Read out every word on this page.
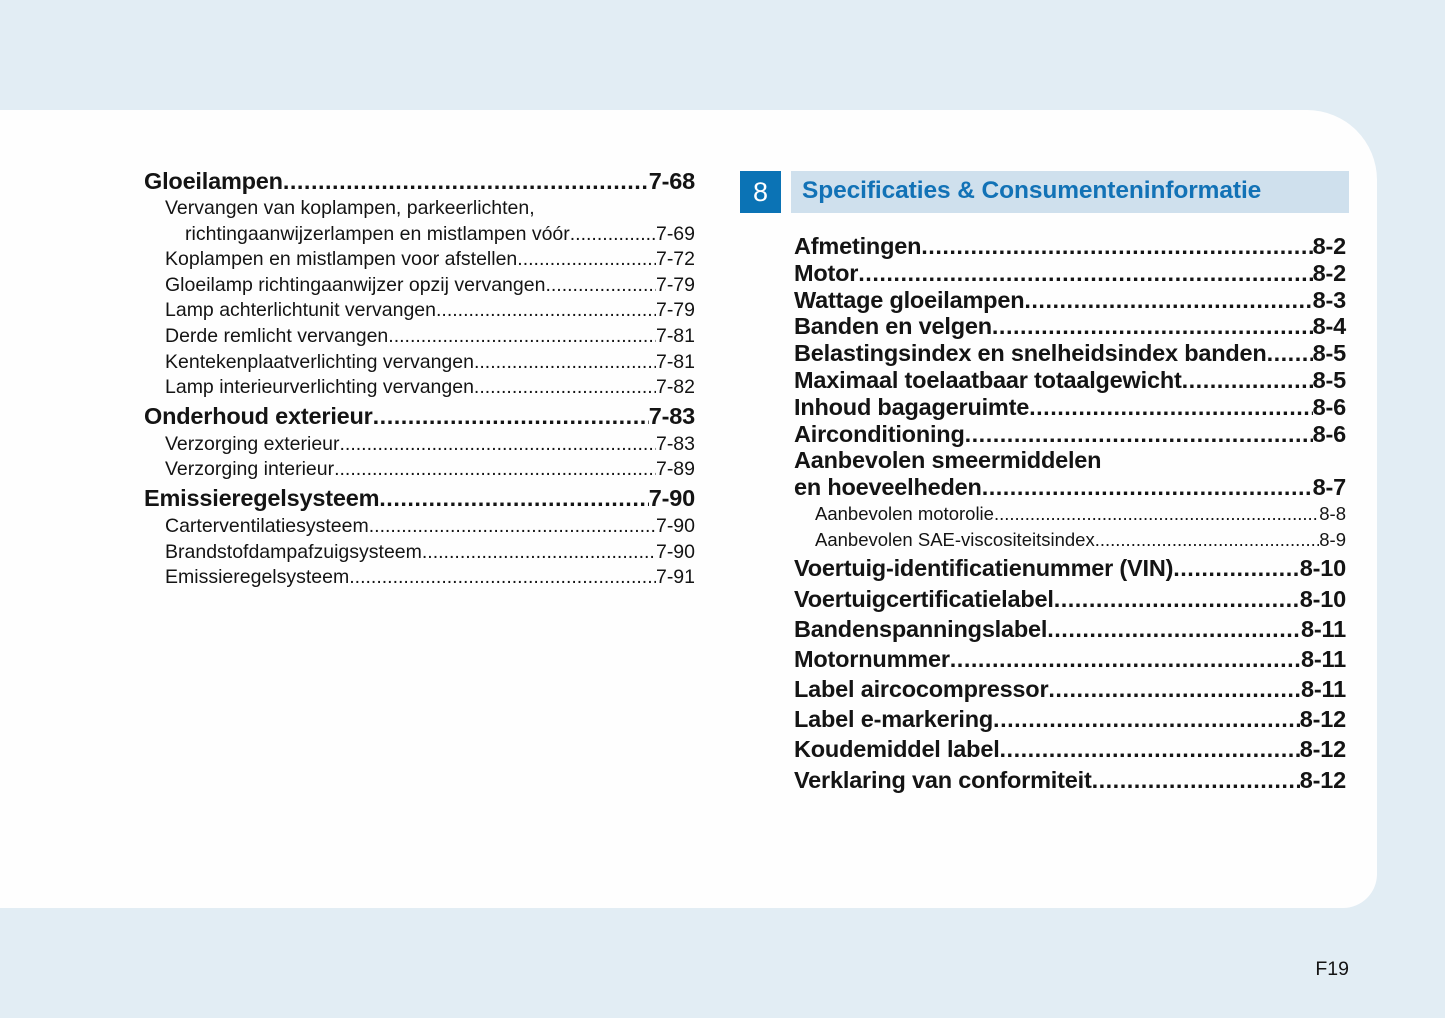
Gloeilampen .....	7-68
Vervangen van koplampen, parkeerlichten,
richtingaanwijzerlampen en mistlampen vóór .....	7-69
Koplampen en mistlampen voor afstellen .....	7-72
Gloeilamp richtingaanwijzer opzij vervangen .....	7-79
Lamp achterlichtunit vervangen .....	7-79
Derde remlicht vervangen .....	7-81
Kentekenplaatverlichting vervangen .....	7-81
Lamp interieurverlichting vervangen .....	7-82
Onderhoud exterieur .....	7-83
Verzorging exterieur .....	7-83
Verzorging interieur .....	7-89
Emissieregelsysteem .....	7-90
Carterventilatiesysteem .....	7-90
Brandstofdampafzuigsysteem .....	7-90
Emissieregelsysteem .....	7-91
8	Specificaties & Consumenteninformatie
Afmetingen .....	8-2
Motor .....	8-2
Wattage gloeilampen .....	8-3
Banden en velgen .....	8-4
Belastingsindex en snelheidsindex banden ..... 8-5
Maximaal toelaatbaar totaalgewicht .....	8-5
Inhoud bagageruimte .....	8-6
Airconditioning .....	8-6
Aanbevolen smeermiddelen
en hoeveelheden .....	8-7
Aanbevolen motorolie .....	8-8
Aanbevolen SAE-viscositeitsindex .....	8-9
Voertuig-identificatienummer (VIN) .....	8-10
Voertuigcertificatielabel .....	8-10
Bandenspanningslabel .....	8-11
Motornummer .....	8-11
Label aircocompressor .....	8-11
Label e-markering .....	8-12
Koudemiddel label .....	8-12
Verklaring van conformiteit .....	8-12
F19
